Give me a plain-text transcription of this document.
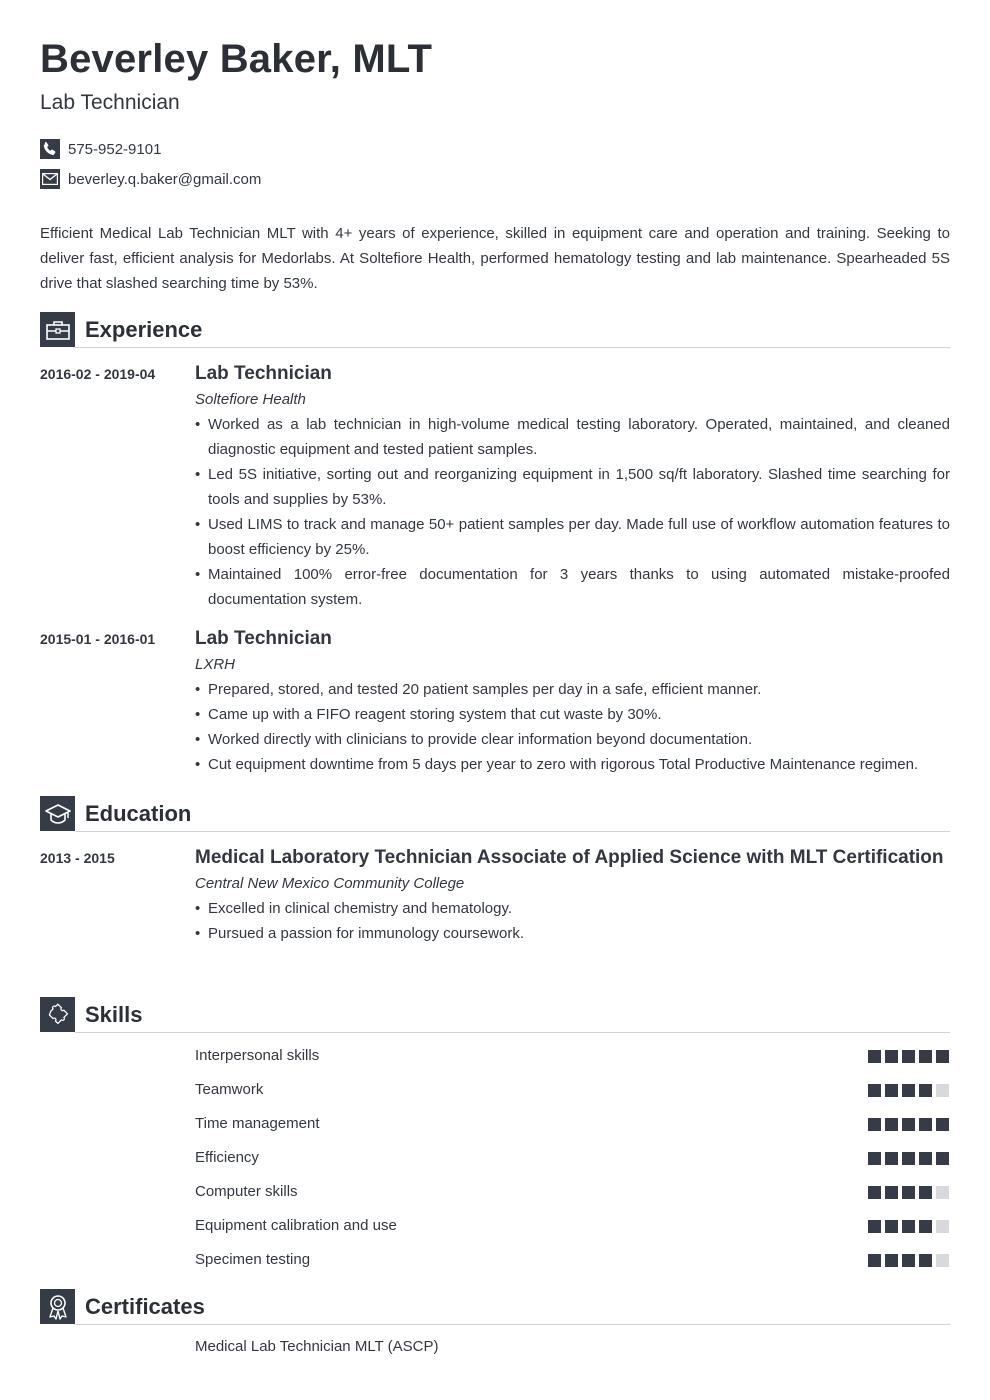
Beverley Baker, MLT
Lab Technician
575-952-9101
beverley.q.baker@gmail.com

Efficient Medical Lab Technician MLT with 4+ years of experience, skilled in equipment care and operation and training. Seeking to deliver fast, efficient analysis for Medorlabs. At Soltefiore Health, performed hematology testing and lab maintenance. Spearheaded 5S drive that slashed searching time by 53%.

Experience
2016-02 - 2019-04 Lab Technician
Soltefiore Health
• Worked as a lab technician in high-volume medical testing laboratory. Operated, maintained, and cleaned diagnostic equipment and tested patient samples.
• Led 5S initiative, sorting out and reorganizing equipment in 1,500 sq/ft laboratory. Slashed time searching for tools and supplies by 53%.
• Used LIMS to track and manage 50+ patient samples per day. Made full use of workflow automation features to boost efficiency by 25%.
• Maintained 100% error-free documentation for 3 years thanks to using automated mistake-proofed documentation system.
2015-01 - 2016-01 Lab Technician
LXRH
• Prepared, stored, and tested 20 patient samples per day in a safe, efficient manner.
• Came up with a FIFO reagent storing system that cut waste by 30%.
• Worked directly with clinicians to provide clear information beyond documentation.
• Cut equipment downtime from 5 days per year to zero with rigorous Total Productive Maintenance regimen.
Education
2013 - 2015	Medical Laboratory Technician Associate of Applied Science with MLT Certification
Central New Mexico Community College
• Excelled in clinical chemistry and hematology.
• Pursued a passion for immunology coursework.
Skills
Interpersonal skills
Teamwork
Time management
Efficiency
Computer skills
Equipment calibration and use
Specimen testing
Certificates
Medical Lab Technician MLT (ASCP)
